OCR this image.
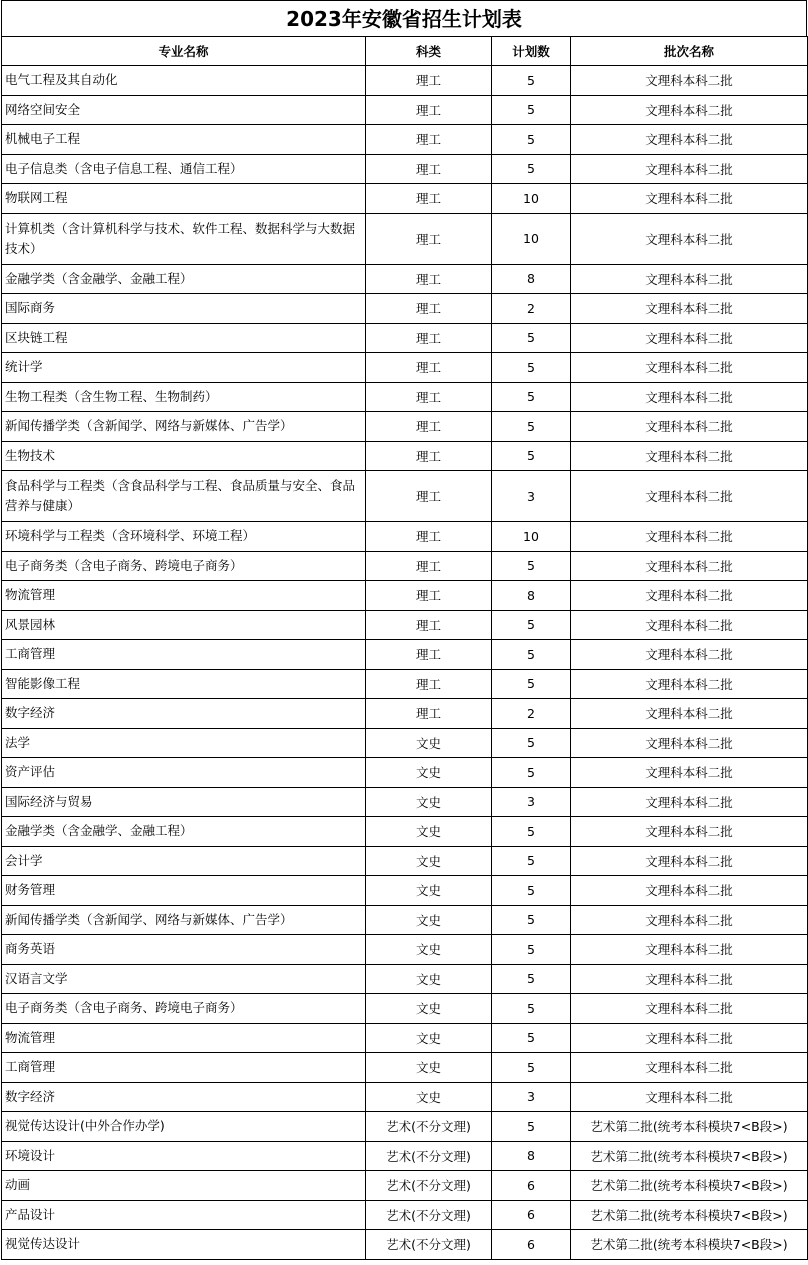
2023年安徽省招生计划表
专业名称	科类	计划数	批次名称
电气工程及其自动化	理工	5	文理科本科二批
网络空间安全	理工	5	文理科本科二批
机械电子工程	理工	5	文理科本科二批
电子信息类（含电子信息工程、通信工程）	理工	5	文理科本科二批
物联网工程	理工	10	文理科本科二批
计算机类（含计算机科学与技术、软件工程、数据科学与大数据技术）	理工	10	文理科本科二批
金融学类（含金融学、金融工程）	理工	8	文理科本科二批
国际商务	理工	2	文理科本科二批
区块链工程	理工	5	文理科本科二批
统计学	理工	5	文理科本科二批
生物工程类（含生物工程、生物制药）	理工	5	文理科本科二批
新闻传播学类（含新闻学、网络与新媒体、广告学）	理工	5	文理科本科二批
生物技术	理工	5	文理科本科二批
食品科学与工程类（含食品科学与工程、食品质量与安全、食品营养与健康）	理工	3	文理科本科二批
环境科学与工程类（含环境科学、环境工程）	理工	10	文理科本科二批
电子商务类（含电子商务、跨境电子商务）	理工	5	文理科本科二批
物流管理	理工	8	文理科本科二批
风景园林	理工	5	文理科本科二批
工商管理	理工	5	文理科本科二批
智能影像工程	理工	5	文理科本科二批
数字经济	理工	2	文理科本科二批
法学	文史	5	文理科本科二批
资产评估	文史	5	文理科本科二批
国际经济与贸易	文史	3	文理科本科二批
金融学类（含金融学、金融工程）	文史	5	文理科本科二批
会计学	文史	5	文理科本科二批
财务管理	文史	5	文理科本科二批
新闻传播学类（含新闻学、网络与新媒体、广告学）	文史	5	文理科本科二批
商务英语	文史	5	文理科本科二批
汉语言文学	文史	5	文理科本科二批
电子商务类（含电子商务、跨境电子商务）	文史	5	文理科本科二批
物流管理	文史	5	文理科本科二批
工商管理	文史	5	文理科本科二批
数字经济	文史	3	文理科本科二批
视觉传达设计(中外合作办学)	艺术(不分文理)	5	艺术第二批(统考本科模块7<B段>)
环境设计	艺术(不分文理)	8	艺术第二批(统考本科模块7<B段>)
动画	艺术(不分文理)	6	艺术第二批(统考本科模块7<B段>)
产品设计	艺术(不分文理)	6	艺术第二批(统考本科模块7<B段>)
视觉传达设计	艺术(不分文理)	6	艺术第二批(统考本科模块7<B段>)
